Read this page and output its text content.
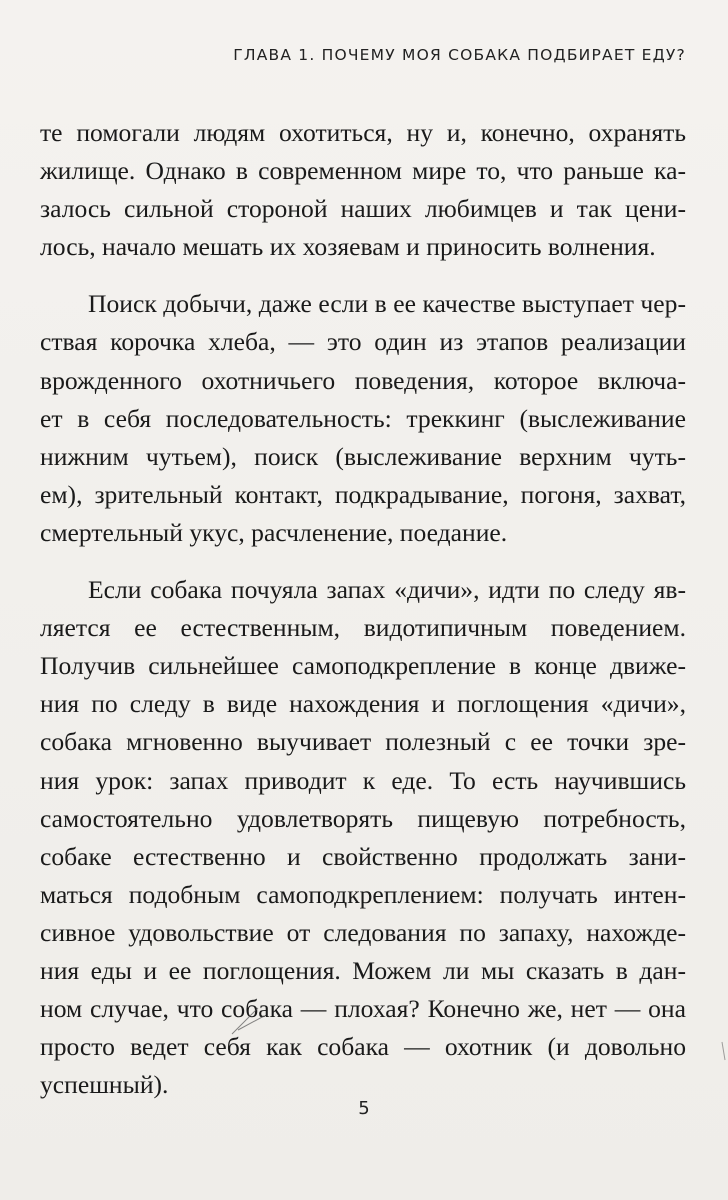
ГЛАВА 1. ПОЧЕМУ МОЯ СОБАКА ПОДБИРАЕТ ЕДУ?

те помогали людям охотиться, ну и, конечно, охранять
жилище. Однако в современном мире то, что раньше ка-
залось сильной стороной наших любимцев и так цени-
лось, начало мешать их хозяевам и приносить волнения.

Поиск добычи, даже если в ее качестве выступает чер-
ствая корочка хлеба, — это один из этапов реализации
врожденного охотничьего поведения, которое включа-
ет в себя последовательность: треккинг (выслеживание
нижним чутьем), поиск (выслеживание верхним чуть-
ем), зрительный контакт, подкрадывание, погоня, захват,
смертельный укус, расчленение, поедание.

Если собака почуяла запах «дичи», идти по следу яв-
ляется ее естественным, видотипичным поведением.
Получив сильнейшее самоподкрепление в конце движе-
ния по следу в виде нахождения и поглощения «дичи»,
собака мгновенно выучивает полезный с ее точки зре-
ния урок: запах приводит к еде. То есть научившись
самостоятельно удовлетворять пищевую потребность,
собаке естественно и свойственно продолжать зани-
маться подобным самоподкреплением: получать интен-
сивное удовольствие от следования по запаху, нахожде-
ния еды и ее поглощения. Можем ли мы сказать в дан-
ном случае, что собака — плохая? Конечно же, нет — она
просто ведет себя как собака — охотник (и довольно
успешный).

5
